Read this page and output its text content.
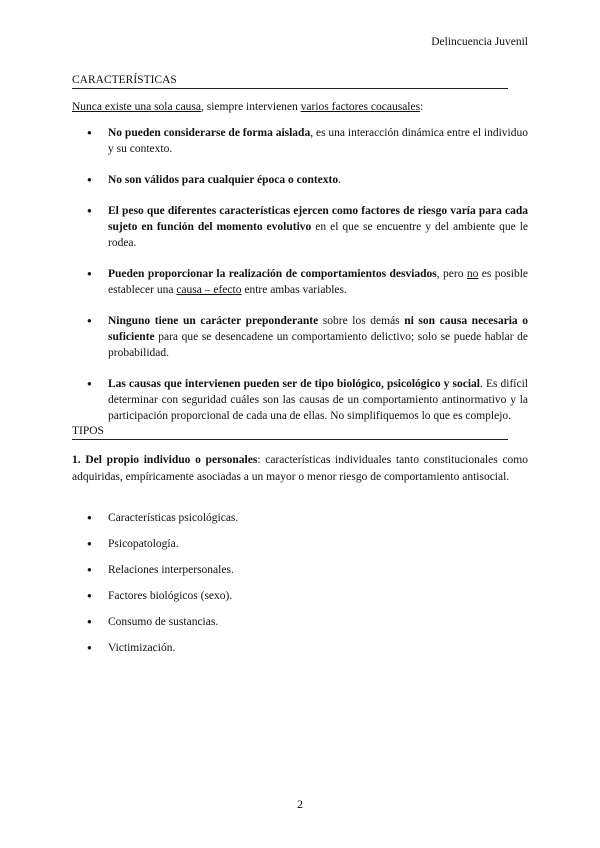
Delincuencia Juvenil
CARACTERÍSTICAS
Nunca existe una sola causa, siempre intervienen varios factores cocausales:
● No pueden considerarse de forma aislada, es una interacción dinámica entre el individuo y su contexto.
● No son válidos para cualquier época o contexto.
● El peso que diferentes características ejercen como factores de riesgo varía para cada sujeto en función del momento evolutivo en el que se encuentre y del ambiente que le rodea.
● Pueden proporcionar la realización de comportamientos desviados, pero no es posible establecer una causa – efecto entre ambas variables.
● Ninguno tiene un carácter preponderante sobre los demás ni son causa necesaria o suficiente para que se desencadene un comportamiento delictivo; solo se puede hablar de probabilidad.
● Las causas que intervienen pueden ser de tipo biológico, psicológico y social. Es difícil determinar con seguridad cuáles son las causas de un comportamiento antinormativo y la participación proporcional de cada una de ellas. No simplifiquemos lo que es complejo.
TIPOS
1. Del propio individuo o personales: características individuales tanto constitucionales como adquiridas, empíricamente asociadas a un mayor o menor riesgo de comportamiento antisocial.
● Características psicológicas.
● Psicopatología.
● Relaciones interpersonales.
● Factores biológicos (sexo).
● Consumo de sustancias.
● Victimización.
2
